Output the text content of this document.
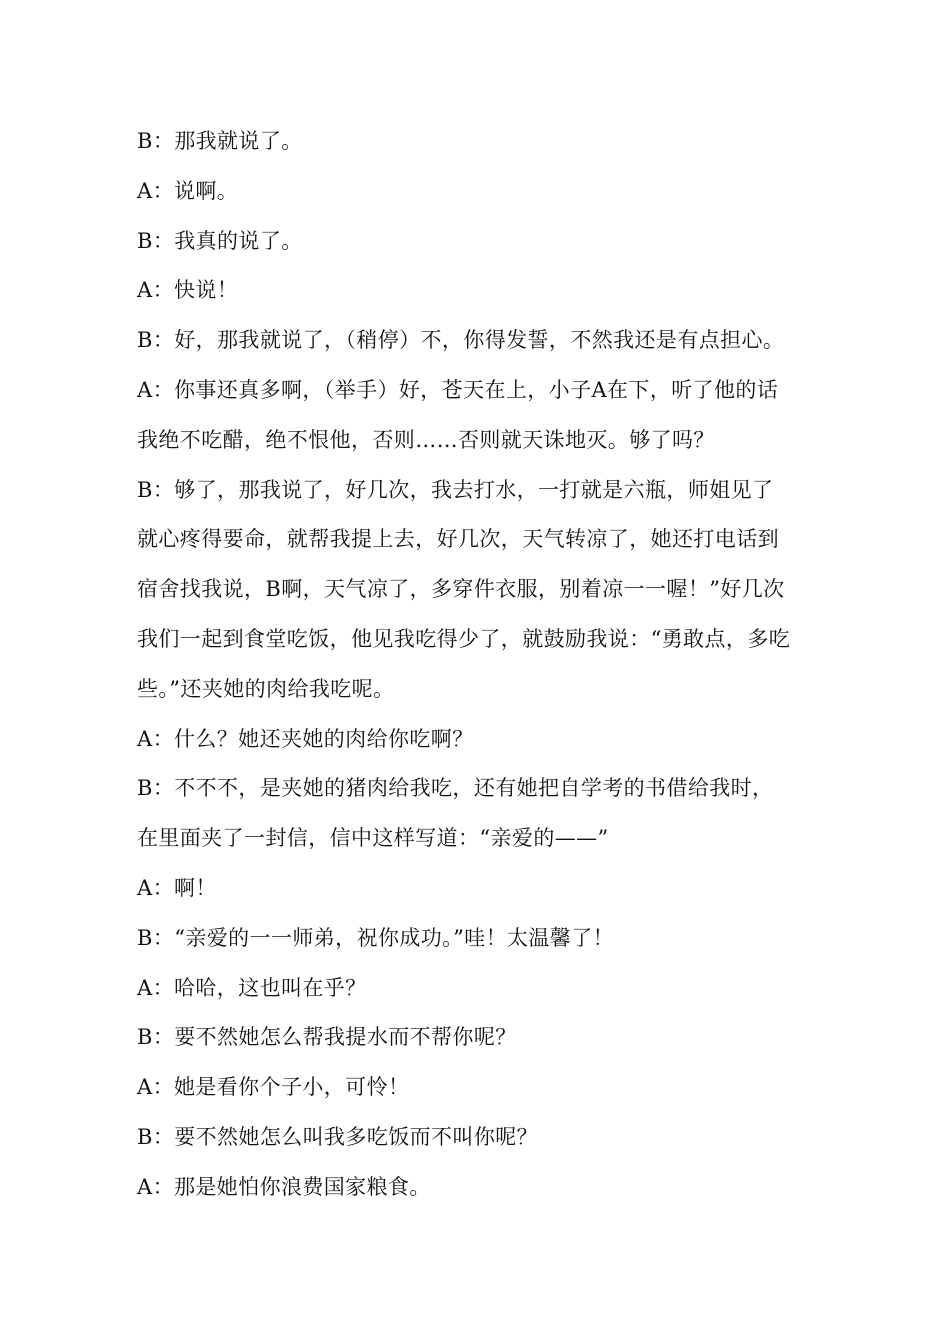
B：那我就说了。
A：说啊。
B：我真的说了。
A：快说！
B：好，那我就说了，（稍停）不，你得发誓，不然我还是有点担心。
A：你事还真多啊，（举手）好，苍天在上，小子A在下，听了他的话
我绝不吃醋，绝不恨他，否则……否则就天诛地灭。够了吗？
B：够了，那我说了，好几次，我去打水，一打就是六瓶，师姐见了
就心疼得要命，就帮我提上去，好几次，天气转凉了，她还打电话到
宿舍找我说，B啊，天气凉了，多穿件衣服，别着凉一一喔！”好几次
我们一起到食堂吃饭，他见我吃得少了，就鼓励我说：“勇敢点，多吃
些。”还夹她的肉给我吃呢。
A：什么？她还夹她的肉给你吃啊？
B：不不不，是夹她的猪肉给我吃，还有她把自学考的书借给我时，
在里面夹了一封信，信中这样写道：“亲爱的——”
A：啊！
B：“亲爱的一一师弟，祝你成功。”哇！太温馨了！
A：哈哈，这也叫在乎？
B：要不然她怎么帮我提水而不帮你呢？
A：她是看你个子小，可怜！
B：要不然她怎么叫我多吃饭而不叫你呢？
A：那是她怕你浪费国家粮食。
